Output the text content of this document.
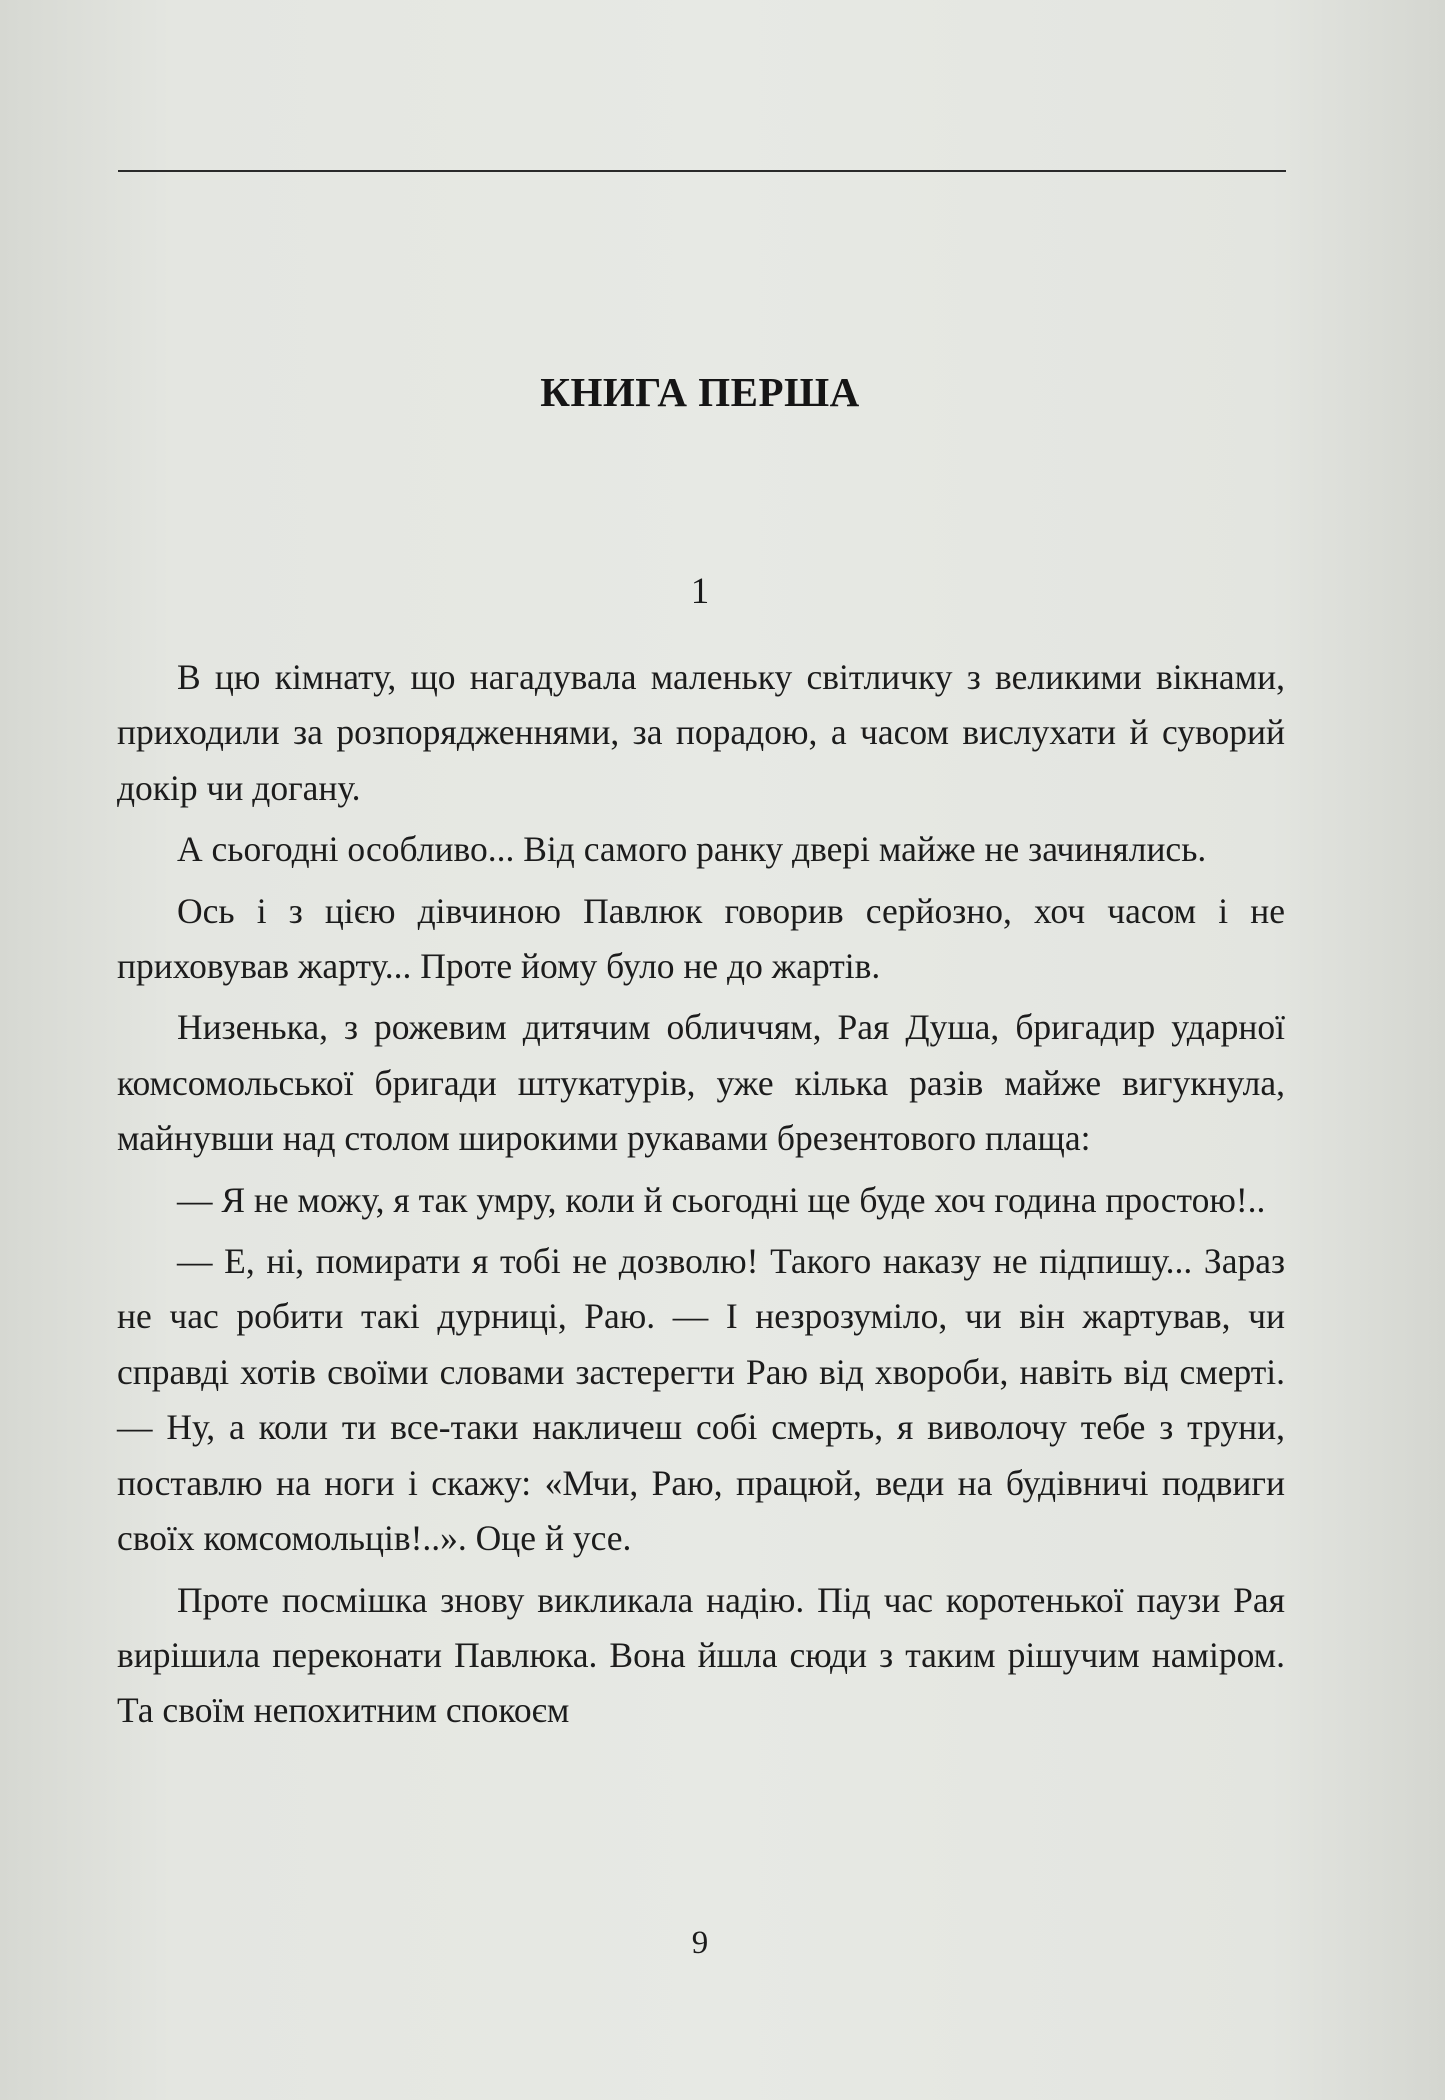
КНИГА ПЕРША
1

В цю кімнату, що нагадувала маленьку світличку з великими вікнами, приходили за розпорядженнями, за порадою, а часом вислухати й суворий докір чи догану.

А сьогодні особливо... Від самого ранку двері майже не зачинялись.

Ось і з цією дівчиною Павлюк говорив серйозно, хоч часом і не приховував жарту... Проте йому було не до жартів.

Низенька, з рожевим дитячим обличчям, Рая Душа, бригадир ударної комсомольської бригади штукатурів, уже кілька разів майже вигукнула, майнувши над столом широкими рукавами брезентового плаща:

— Я не можу, я так умру, коли й сьогодні ще буде хоч година простою!..

— Е, ні, помирати я тобі не дозволю! Такого наказу не підпишу... Зараз не час робити такі дурниці, Раю. — І незрозуміло, чи він жартував, чи справді хотів своїми словами застерегти Раю від хвороби, навіть від смерті. — Ну, а коли ти все-таки накличеш собі смерть, я виволочу тебе з труни, поставлю на ноги і скажу: «Мчи, Раю, працюй, веди на будівничі подвиги своїх комсомольців!..». Оце й усе.

Проте посмішка знову викликала надію. Під час коротенької паузи Рая вирішила переконати Павлюка. Вона йшла сюди з таким рішучим наміром. Та своїм непохитним спокоєм

9
